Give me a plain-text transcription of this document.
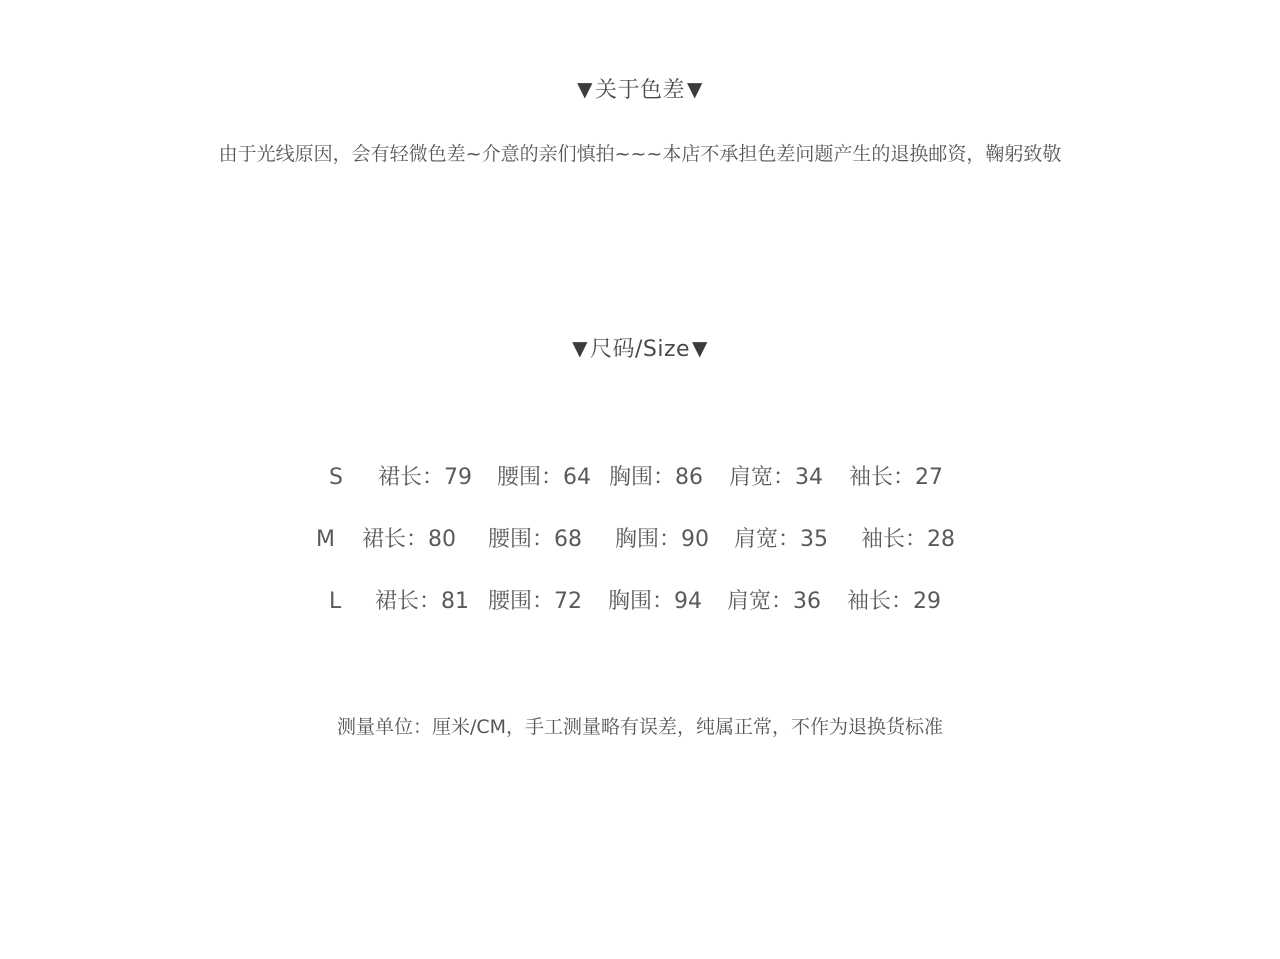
▼关于色差 ▼
由于光线原因，会有轻微色差~介意的亲们慎拍~~~本店不承担色差问题产生的退换邮资，鞠躬致敬
▼尺码/Size ▼
S 裙长：79 腰围：64 胸围：86 肩宽：34 袖长：27
M 裙长：80 腰围：68 胸围：90 肩宽：35 袖长：28
L 裙长：81 腰围：72 胸围：94 肩宽：36 袖长：29
测量单位：厘米/CM，手工测量略有误差，纯属正常，不作为退换货标准
